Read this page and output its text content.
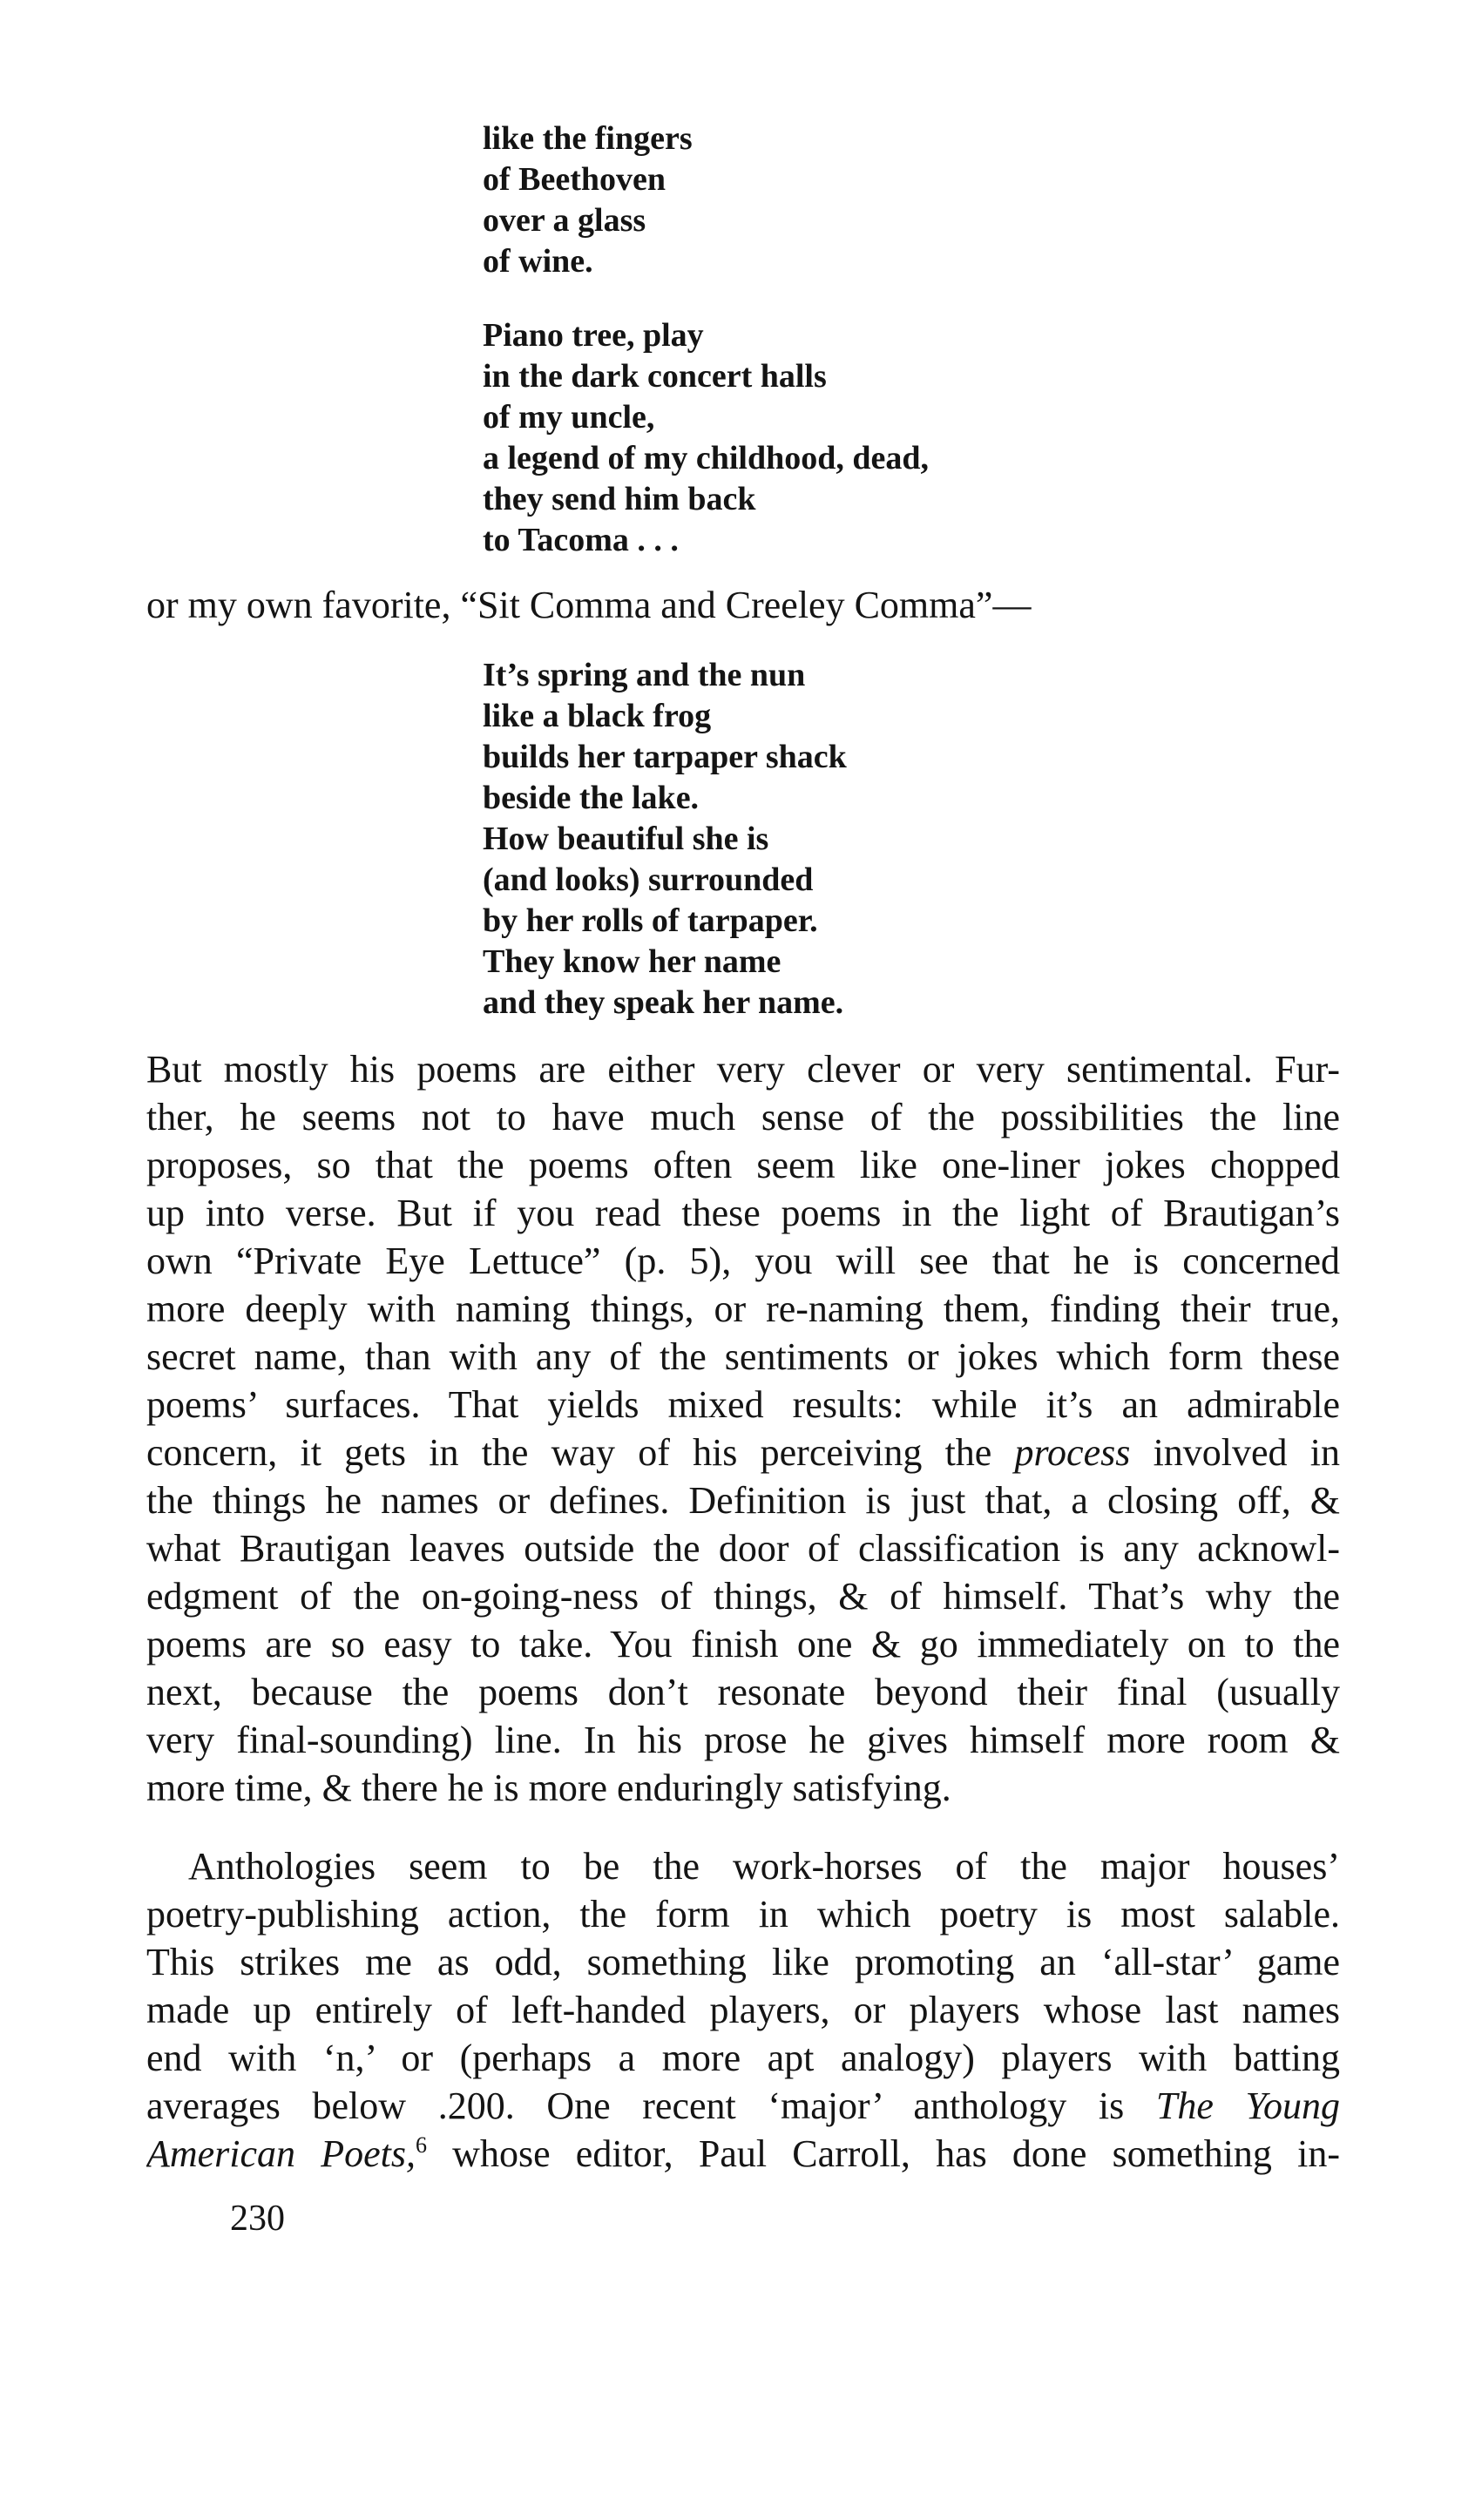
like the fingers
of Beethoven
over a glass
of wine.
Piano tree, play
in the dark concert halls
of my uncle,
a legend of my childhood, dead,
they send him back
to Tacoma . . .

or my own favorite, “Sit Comma and Creeley Comma”—

It’s spring and the nun
like a black frog
builds her tarpaper shack
beside the lake.
How beautiful she is
(and looks) surrounded
by her rolls of tarpaper.
They know her name
and they speak her name.
But mostly his poems are either very clever or very sentimental. Fur-
ther, he seems not to have much sense of the possibilities the line
proposes, so that the poems often seem like one-liner jokes chopped
up into verse. But if you read these poems in the light of Brautigan’s
own “Private Eye Lettuce” (p. 5), you will see that he is concerned
more deeply with naming things, or re-naming them, finding their true,
secret name, than with any of the sentiments or jokes which form these
poems’ surfaces. That yields mixed results: while it’s an admirable
concern, it gets in the way of his perceiving the process involved in
the things he names or defines. Definition is just that, a closing off, &
what Brautigan leaves outside the door of classification is any acknowl-
edgment of the on-going-ness of things, & of himself. That’s why the
poems are so easy to take. You finish one & go immediately on to the
next, because the poems don’t resonate beyond their final (usually
very final-sounding) line. In his prose he gives himself more room &
more time, & there he is more enduringly satisfying.
Anthologies seem to be the work-horses of the major houses’
poetry-publishing action, the form in which poetry is most salable.
This strikes me as odd, something like promoting an ‘all-star’ game
made up entirely of left-handed players, or players whose last names
end with ‘n,’ or (perhaps a more apt analogy) players with batting
averages below .200. One recent ‘major’ anthology is The Young
American Poets,$^6$ whose editor, Paul Carroll, has done something in-

230
